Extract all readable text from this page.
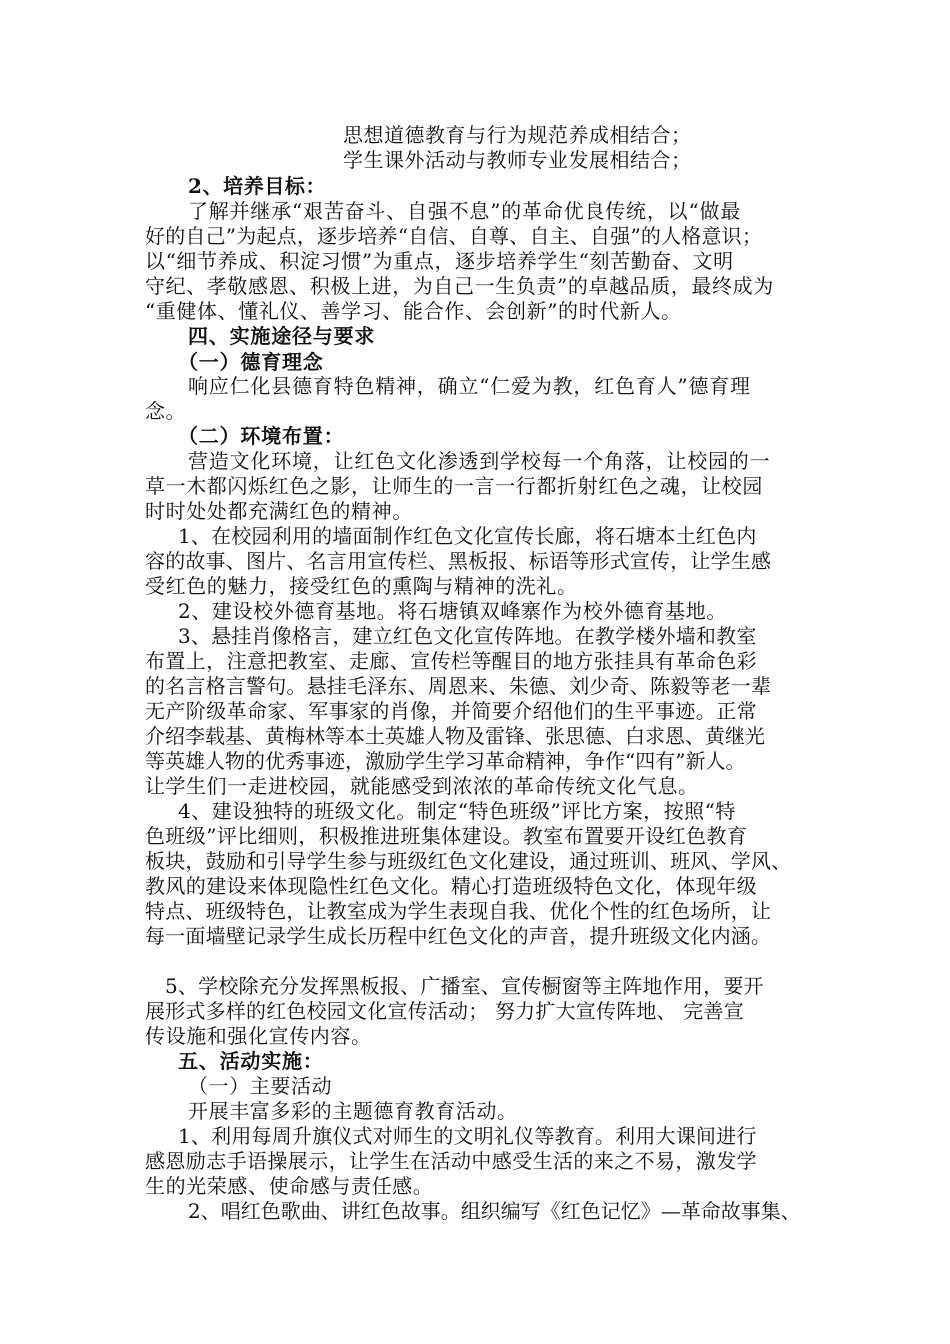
思想道德教育与行为规范养成相结合；
学生课外活动与教师专业发展相结合；
2、培养目标：
了解并继承“艰苦奋斗、自强不息”的革命优良传统，以“做最
好的自己”为起点，逐步培养“自信、自尊、自主、自强”的人格意识；
以“细节养成、积淀习惯”为重点，逐步培养学生“刻苦勤奋、文明
守纪、孝敬感恩、积极上进，为自己一生负责”的卓越品质，最终成为
“重健体、懂礼仪、善学习、能合作、会创新”的时代新人。
四、实施途径与要求
（一）德育理念
响应仁化县德育特色精神，确立“仁爱为教，红色育人”德育理
念。
（二）环境布置：
营造文化环境，让红色文化渗透到学校每一个角落，让校园的一
草一木都闪烁红色之影，让师生的一言一行都折射红色之魂，让校园
时时处处都充满红色的精神。
1、在校园利用的墙面制作红色文化宣传长廊，将石塘本土红色内
容的故事、图片、名言用宣传栏、黑板报、标语等形式宣传，让学生感
受红色的魅力，接受红色的熏陶与精神的洗礼。
2、建设校外德育基地。将石塘镇双峰寨作为校外德育基地。
3、悬挂肖像格言，建立红色文化宣传阵地。在教学楼外墙和教室
布置上，注意把教室、走廊、宣传栏等醒目的地方张挂具有革命色彩
的名言格言警句。悬挂毛泽东、周恩来、朱德、刘少奇、陈毅等老一辈
无产阶级革命家、军事家的肖像，并简要介绍他们的生平事迹。正常
介绍李载基、黄梅林等本土英雄人物及雷锋、张思德、白求恩、黄继光
等英雄人物的优秀事迹，激励学生学习革命精神，争作“四有”新人。
让学生们一走进校园，就能感受到浓浓的革命传统文化气息。
4、建设独特的班级文化。制定“特色班级”评比方案，按照“特
色班级”评比细则，积极推进班集体建设。教室布置要开设红色教育
板块，鼓励和引导学生参与班级红色文化建设，通过班训、班风、学风、
教风的建设来体现隐性红色文化。精心打造班级特色文化，体现年级
特点、班级特色，让教室成为学生表现自我、优化个性的红色场所，让
每一面墙壁记录学生成长历程中红色文化的声音，提升班级文化内涵。
5、学校除充分发挥黑板报、广播室、宣传橱窗等主阵地作用，要开
展形式多样的红色校园文化宣传活动； 努力扩大宣传阵地、 完善宣
传设施和强化宣传内容。
五、活动实施：
（一）主要活动
开展丰富多彩的主题德育教育活动。
1、利用每周升旗仪式对师生的文明礼仪等教育。利用大课间进行
感恩励志手语操展示，让学生在活动中感受生活的来之不易，激发学
生的光荣感、使命感与责任感。
2、唱红色歌曲、讲红色故事。组织编写《红色记忆》—革命故事集、
